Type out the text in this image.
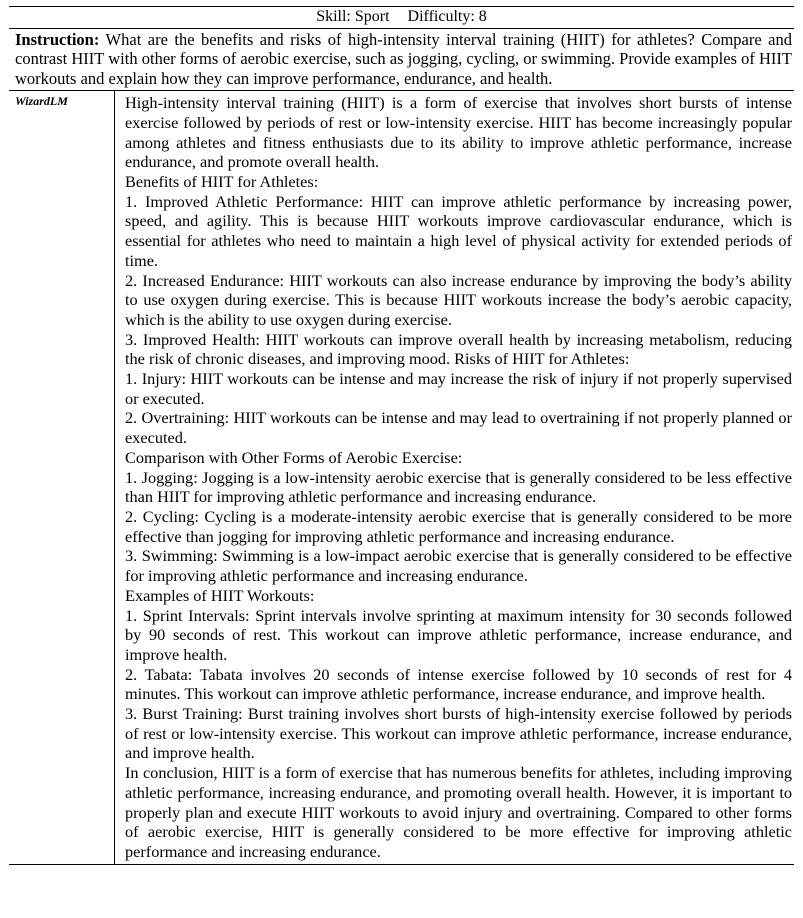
Skill: Sport Difficulty: 8
Instruction: What are the benefits and risks of high-intensity interval training (HIIT) for athletes? Compare and contrast HIIT with other forms of aerobic exercise, such as jogging, cycling, or swimming. Provide examples of HIIT workouts and explain how they can improve performance, endurance, and health.
WizardLM	High-intensity interval training (HIIT) is a form of exercise that involves short bursts of intense exercise followed by periods of rest or low-intensity exercise. HIIT has become increasingly popular among athletes and fitness enthusiasts due to its ability to improve athletic performance, increase endurance, and promote overall health.

Benefits of HIIT for Athletes:

1. Improved Athletic Performance: HIIT can improve athletic performance by increasing power, speed, and agility. This is because HIIT workouts improve cardiovascular endurance, which is essential for athletes who need to maintain a high level of physical activity for extended periods of time.

2. Increased Endurance: HIIT workouts can also increase endurance by improving the body’s ability to use oxygen during exercise. This is because HIIT workouts increase the body’s aerobic capacity, which is the ability to use oxygen during exercise.

3. Improved Health: HIIT workouts can improve overall health by increasing metabolism, reducing the risk of chronic diseases, and improving mood. Risks of HIIT for Athletes:

1. Injury: HIIT workouts can be intense and may increase the risk of injury if not properly supervised or executed.

2. Overtraining: HIIT workouts can be intense and may lead to overtraining if not properly planned or executed.

Comparison with Other Forms of Aerobic Exercise:

1. Jogging: Jogging is a low-intensity aerobic exercise that is generally considered to be less effective than HIIT for improving athletic performance and increasing endurance.

2. Cycling: Cycling is a moderate-intensity aerobic exercise that is generally considered to be more effective than jogging for improving athletic performance and increasing endurance.

3. Swimming: Swimming is a low-impact aerobic exercise that is generally considered to be effective for improving athletic performance and increasing endurance.

Examples of HIIT Workouts:

1. Sprint Intervals: Sprint intervals involve sprinting at maximum intensity for 30 seconds followed by 90 seconds of rest. This workout can improve athletic performance, increase endurance, and improve health.

2. Tabata: Tabata involves 20 seconds of intense exercise followed by 10 seconds of rest for 4 minutes. This workout can improve athletic performance, increase endurance, and improve health.

3. Burst Training: Burst training involves short bursts of high-intensity exercise followed by periods of rest or low-intensity exercise. This workout can improve athletic performance, increase endurance, and improve health.

In conclusion, HIIT is a form of exercise that has numerous benefits for athletes, including improving athletic performance, increasing endurance, and promoting overall health. However, it is important to properly plan and execute HIIT workouts to avoid injury and overtraining. Compared to other forms of aerobic exercise, HIIT is generally considered to be more effective for improving athletic performance and increasing endurance.
